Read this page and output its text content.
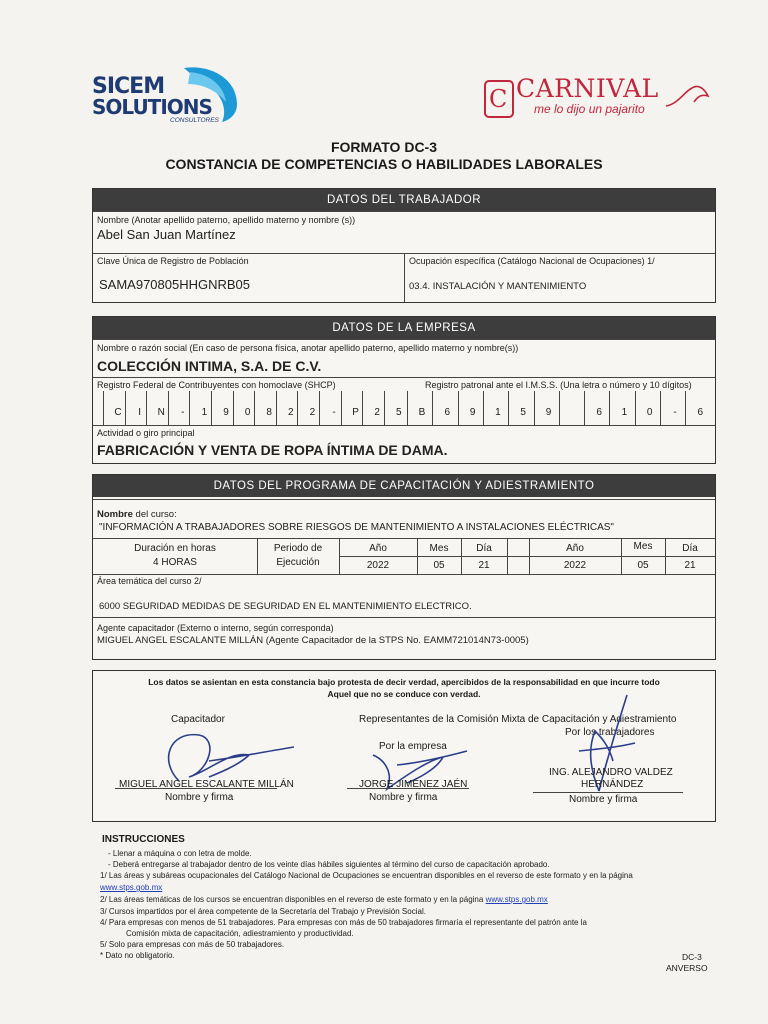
SICEM
SOLUTIONS
CONSULTORES
C CARNIVAL
me lo dijo un pajarito
FORMATO DC-3
CONSTANCIA DE COMPETENCIAS O HABILIDADES LABORALES
DATOS DEL TRABAJADOR
Nombre (Anotar apellido paterno, apellido materno y nombre (s))
Abel San Juan Martínez
Clave Única de Registro de Población
SAMA970805HHGNRB05
Ocupación específica (Catálogo Nacional de Ocupaciones) 1/
03.4. INSTALACIÓN Y MANTENIMIENTO
DATOS DE LA EMPRESA
Nombre o razón social (En caso de persona física, anotar apellido paterno, apellido materno y nombre(s))
COLECCIÓN INTIMA, S.A. DE C.V.
Registro Federal de Contribuyentes con homoclave (SHCP)	Registro patronal ante el I.M.S.S. (Una letra o número y 10 dígitos)
C	I	N	-	1	9	0	8	2	2	-	P	2	5	B	6	9	1	5	9	6	1	0	-	6
Actividad o giro principal
FABRICACIÓN Y VENTA DE ROPA ÍNTIMA DE DAMA.
DATOS DEL PROGRAMA DE CAPACITACIÓN Y ADIESTRAMIENTO
Nombre del curso:
"INFORMACIÓN A TRABAJADORES SOBRE RIESGOS DE MANTENIMIENTO A INSTALACIONES ELÉCTRICAS"
Duración en horas
4 HORAS
Periodo de
Ejecución
Año	Mes	Día	Año	Mes	Día
2022	05	21	2022	05	21
Área temática del curso 2/
6000 SEGURIDAD MEDIDAS DE SEGURIDAD EN EL MANTENIMIENTO ELECTRICO.
Agente capacitador (Externo o interno, según corresponda)
MIGUEL ANGEL ESCALANTE MILLÁN (Agente Capacitador de la STPS No. EAMM721014N73-0005)
Los datos se asientan en esta constancia bajo protesta de decir verdad, apercibidos de la responsabilidad en que incurre todo
Aquel que no se conduce con verdad.
Capacitador	Representantes de la Comisión Mixta de Capacitación y Adiestramiento
Por los trabajadores
Por la empresa
MIGUEL ANGEL ESCALANTE MILLÁN	JORGE JIMÉNEZ JAÉN
ING. ALEJANDRO VALDEZ
HERNÁNDEZ
Nombre y firma	Nombre y firma	Nombre y firma
INSTRUCCIONES
- Llenar a máquina o con letra de molde.
- Deberá entregarse al trabajador dentro de los veinte días hábiles siguientes al término del curso de capacitación aprobado.
1/ Las áreas y subáreas ocupacionales del Catálogo Nacional de Ocupaciones se encuentran disponibles en el reverso de este formato y en la página
www.stps.gob.mx
2/ Las áreas temáticas de los cursos se encuentran disponibles en el reverso de este formato y en la página www.stps.gob.mx
3/ Cursos impartidos por el área competente de la Secretaría del Trabajo y Previsión Social.
4/ Para empresas con menos de 51 trabajadores. Para empresas con más de 50 trabajadores firmaría el representante del patrón ante la
Comisión mixta de capacitación, adiestramiento y productividad.
5/ Solo para empresas con más de 50 trabajadores.
* Dato no obligatorio.	DC-3
ANVERSO
